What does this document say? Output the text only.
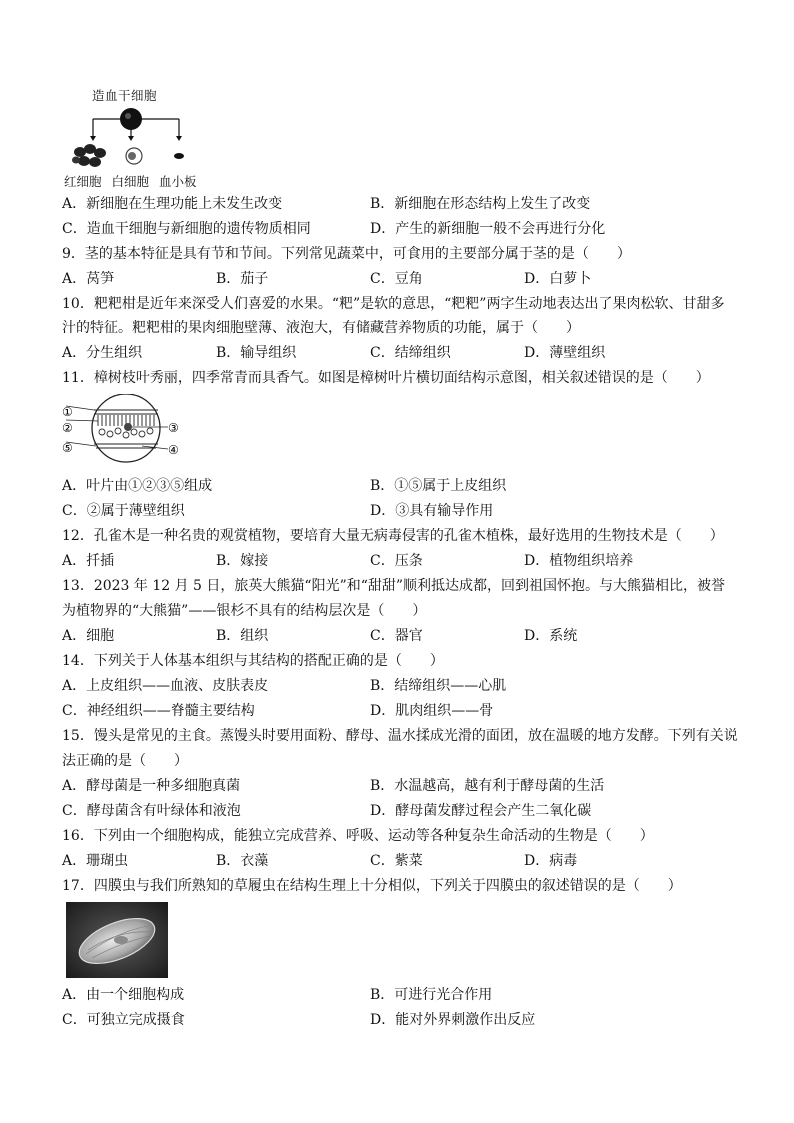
造血干细胞
红细胞 白细胞 血小板
A．新细胞在生理功能上未发生改变	B．新细胞在形态结构上发生了改变
C．造血干细胞与新细胞的遗传物质相同	D．产生的新细胞一般不会再进行分化
9．茎的基本特征是具有节和节间。下列常见蔬菜中，可食用的主要部分属于茎的是（　　）
A．莴笋	B．茄子	C．豆角	D．白萝卜
10．粑粑柑是近年来深受人们喜爱的水果。“粑”是软的意思，“粑粑”两字生动地表达出了果肉松软、甘甜多
汁的特征。粑粑柑的果肉细胞壁薄、液泡大，有储藏营养物质的功能，属于（　　）
A．分生组织	B．输导组织	C．结缔组织	D．薄壁组织
11．樟树枝叶秀丽，四季常青而具香气。如图是樟树叶片横切面结构示意图，相关叙述错误的是（　　）
①
②	③
④
⑤
A．叶片由①②③⑤组成	B．①⑤属于上皮组织
C．②属于薄壁组织	D．③具有输导作用
12．孔雀木是一种名贵的观赏植物，要培育大量无病毒侵害的孔雀木植株，最好选用的生物技术是（　　）
A．扦插	B．嫁接	C．压条	D．植物组织培养
13．2023 年 12 月 5 日，旅英大熊猫“阳光”和“甜甜”顺利抵达成都，回到祖国怀抱。与大熊猫相比，被誉
为植物界的“大熊猫”——银杉不具有的结构层次是（　　）
A．细胞	B．组织	C．器官	D．系统
14．下列关于人体基本组织与其结构的搭配正确的是（　　）
A．上皮组织——血液、皮肤表皮	B．结缔组织——心肌
C．神经组织——脊髓主要结构	D．肌肉组织——骨
15．馒头是常见的主食。蒸馒头时要用面粉、酵母、温水揉成光滑的面团，放在温暖的地方发酵。下列有关说
法正确的是（　　）
A．酵母菌是一种多细胞真菌	B．水温越高，越有利于酵母菌的生活
C．酵母菌含有叶绿体和液泡	D．酵母菌发酵过程会产生二氧化碳
16．下列由一个细胞构成，能独立完成营养、呼吸、运动等各种复杂生命活动的生物是（　　）
A．珊瑚虫	B．衣藻	C．紫菜	D．病毒
17．四膜虫与我们所熟知的草履虫在结构生理上十分相似，下列关于四膜虫的叙述错误的是（　　）
A．由一个细胞构成	B．可进行光合作用
C．可独立完成摄食	D．能对外界刺激作出反应
